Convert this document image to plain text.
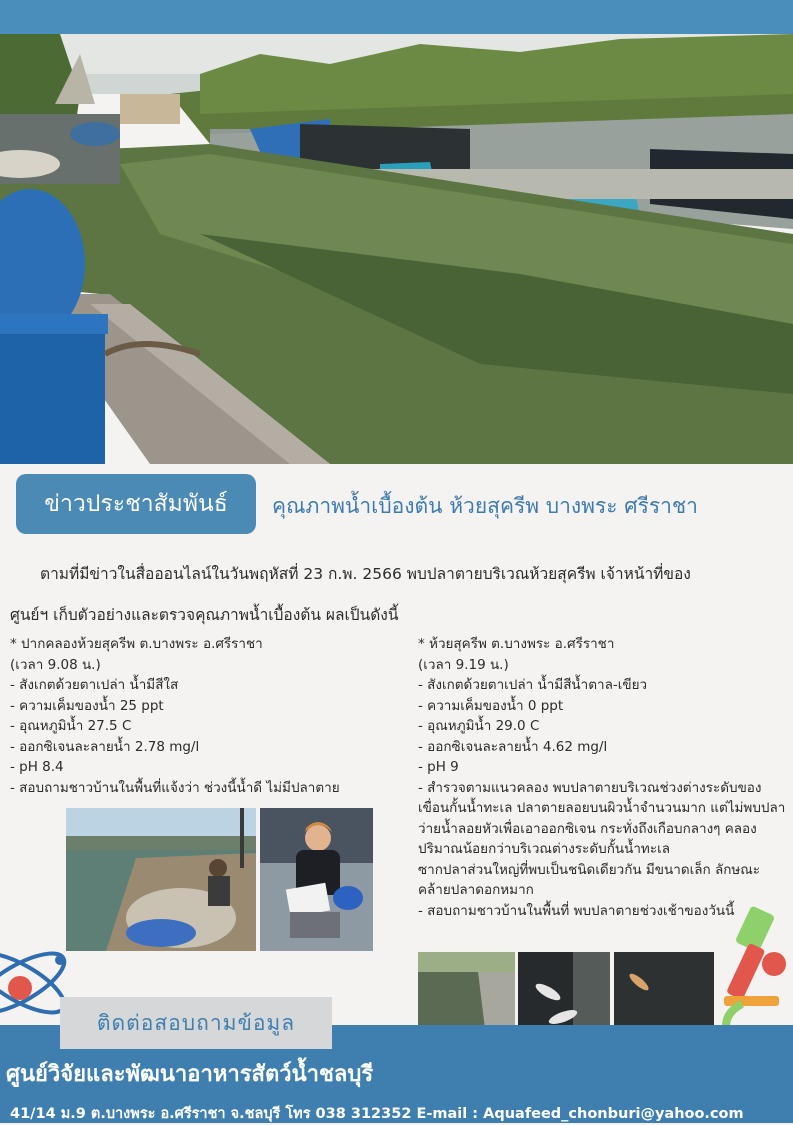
ข่าวประชาสัมพันธ์	คุณภาพน้ำเบื้องต้น ห้วยสุครีพ บางพระ ศรีราชา
ตามที่มีข่าวในสื่อออนไลน์ในวันพฤหัสที่ 23 ก.พ. 2566 พบปลาตายบริเวณห้วยสุครีพ เจ้าหน้าที่ของ
ศูนย์ฯ เก็บตัวอย่างและตรวจคุณภาพน้ำเบื้องต้น ผลเป็นดังนี้
* ปากคลองห้วยสุครีพ ต.บางพระ อ.ศรีราชา
(เวลา 9.08 น.)
- สังเกตด้วยตาเปล่า น้ำมีสีใส
- ความเค็มของน้ำ 25 ppt
- อุณหภูมิน้ำ 27.5 C
- ออกซิเจนละลายน้ำ 2.78 mg/l
- pH 8.4
- สอบถามชาวบ้านในพื้นที่แจ้งว่า ช่วงนี้น้ำดี ไม่มีปลาตาย
* ห้วยสุครีพ ต.บางพระ อ.ศรีราชา
(เวลา 9.19 น.)
- สังเกตด้วยตาเปล่า น้ำมีสีน้ำตาล-เขียว
- ความเค็มของน้ำ 0 ppt
- อุณหภูมิน้ำ 29.0 C
- ออกซิเจนละลายน้ำ 4.62 mg/l
- pH 9
- สำรวจตามแนวคลอง พบปลาตายบริเวณช่วงต่างระดับของเขื่อนกั้นน้ำทะเล ปลาตายลอยบนผิวน้ำจำนวนมาก แต่ไม่พบปลาว่ายน้ำลอยหัวเพื่อเอาออกซิเจน กระทั่งถึงเกือบกลางๆ คลอง ปริมาณน้อยกว่าบริเวณต่างระดับกั้นน้ำทะเล
ซากปลาส่วนใหญ่ที่พบเป็นชนิดเดียวกัน มีขนาดเล็ก ลักษณะคล้ายปลาดอกหมาก
- สอบถามชาวบ้านในพื้นที่ พบปลาตายช่วงเช้าของวันนี้
ติดต่อสอบถามข้อมูล
ศูนย์วิจัยและพัฒนาอาหารสัตว์น้ำชลบุรี
41/14 ม.9 ต.บางพระ อ.ศรีราชา จ.ชลบุรี โทร 038 312352 E-mail : Aquafeed_chonburi@yahoo.com
